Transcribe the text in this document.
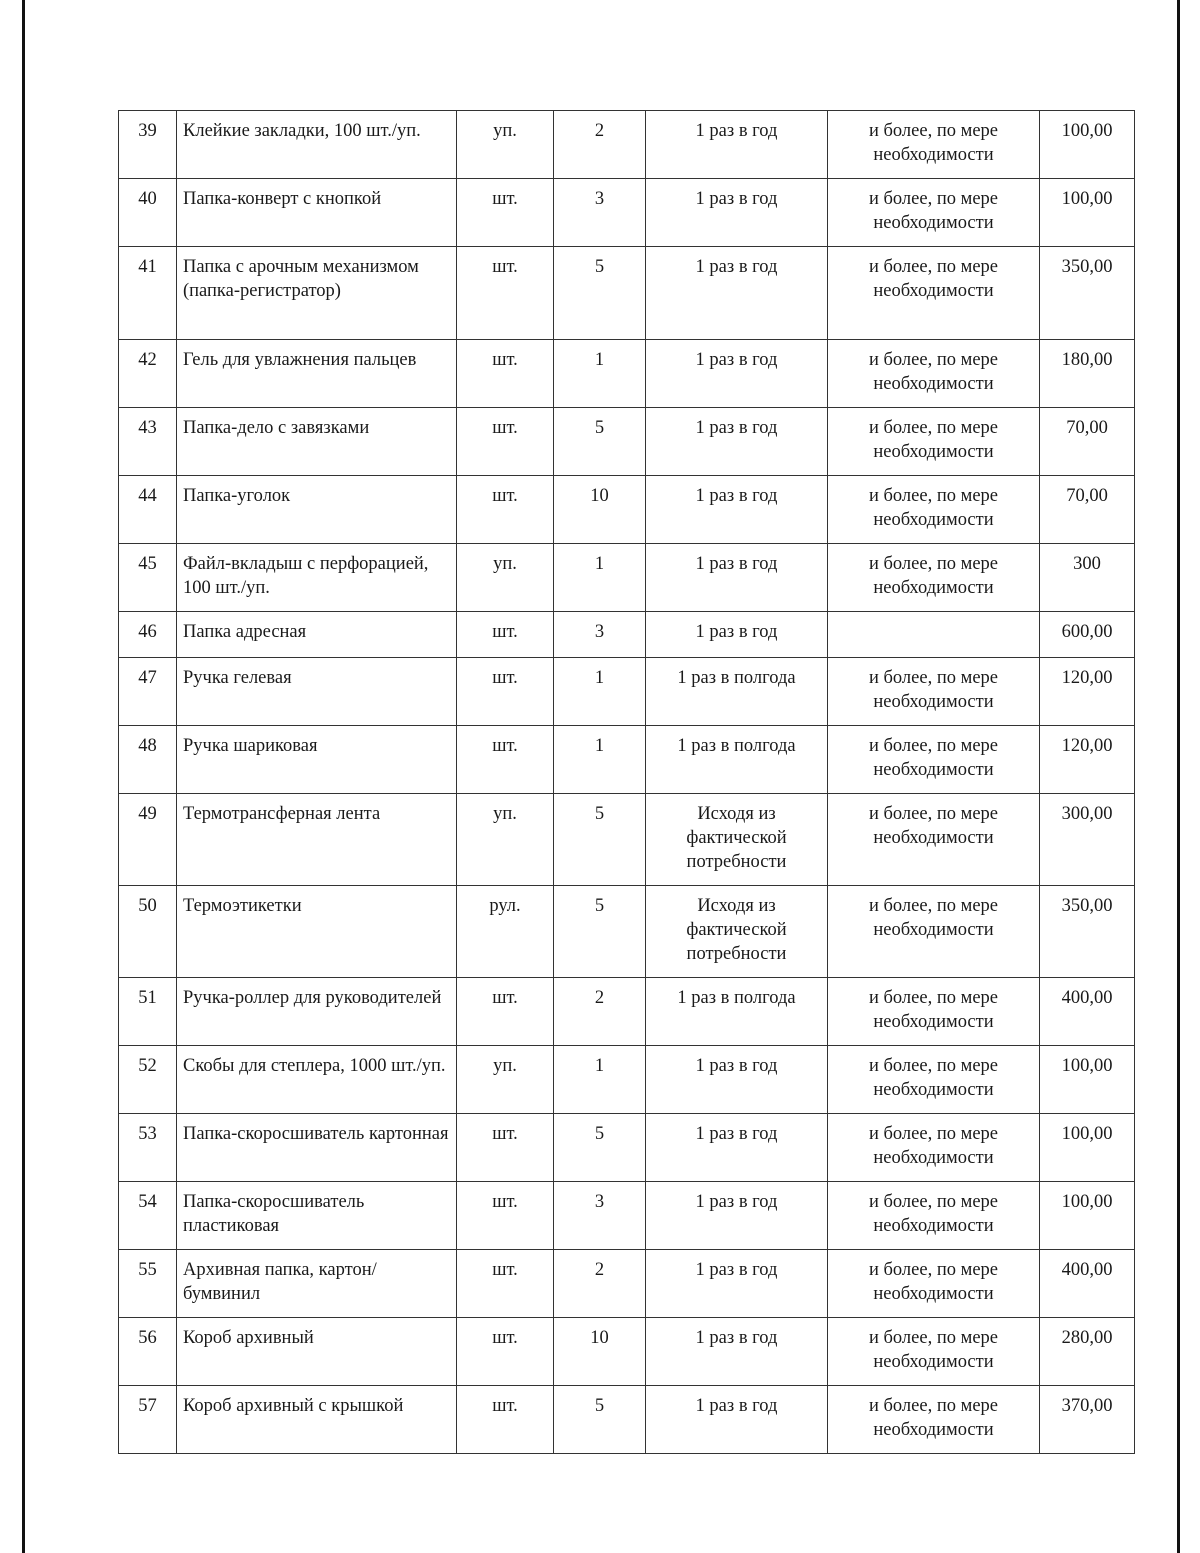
39	Клейкие закладки, 100 шт./уп.	уп.	2	1 раз в год	и более, по мере необходимости	100,00
40	Папка-конверт с кнопкой	шт.	3	1 раз в год	и более, по мере необходимости	100,00
41	Папка с арочным механизмом (папка-регистратор)	шт.	5	1 раз в год	и более, по мере необходимости	350,00
42	Гель для увлажнения пальцев	шт.	1	1 раз в год	и более, по мере необходимости	180,00
43	Папка-дело с завязками	шт.	5	1 раз в год	и более, по мере необходимости	70,00
44	Папка-уголок	шт.	10	1 раз в год	и более, по мере необходимости	70,00
45	Файл-вкладыш с перфорацией, 100 шт./уп.	уп.	1	1 раз в год	и более, по мере необходимости	300
46	Папка адресная	шт.	3	1 раз в год		600,00
47	Ручка гелевая	шт.	1	1 раз в полгода	и более, по мере необходимости	120,00
48	Ручка шариковая	шт.	1	1 раз в полгода	и более, по мере необходимости	120,00
49	Термотрансферная лента	уп.	5	Исходя из фактической потребности	и более, по мере необходимости	300,00
50	Термоэтикетки	рул.	5	Исходя из фактической потребности	и более, по мере необходимости	350,00
51	Ручка-роллер для руководителей	шт.	2	1 раз в полгода	и более, по мере необходимости	400,00
52	Скобы для степлера, 1000 шт./уп.	уп.	1	1 раз в год	и более, по мере необходимости	100,00
53	Папка-скоросшиватель картонная	шт.	5	1 раз в год	и более, по мере необходимости	100,00
54	Папка-скоросшиватель пластиковая	шт.	3	1 раз в год	и более, по мере необходимости	100,00
55	Архивная папка, картон/бумвинил	шт.	2	1 раз в год	и более, по мере необходимости	400,00
56	Короб архивный	шт.	10	1 раз в год	и более, по мере необходимости	280,00
57	Короб архивный с крышкой	шт.	5	1 раз в год	и более, по мере необходимости	370,00
